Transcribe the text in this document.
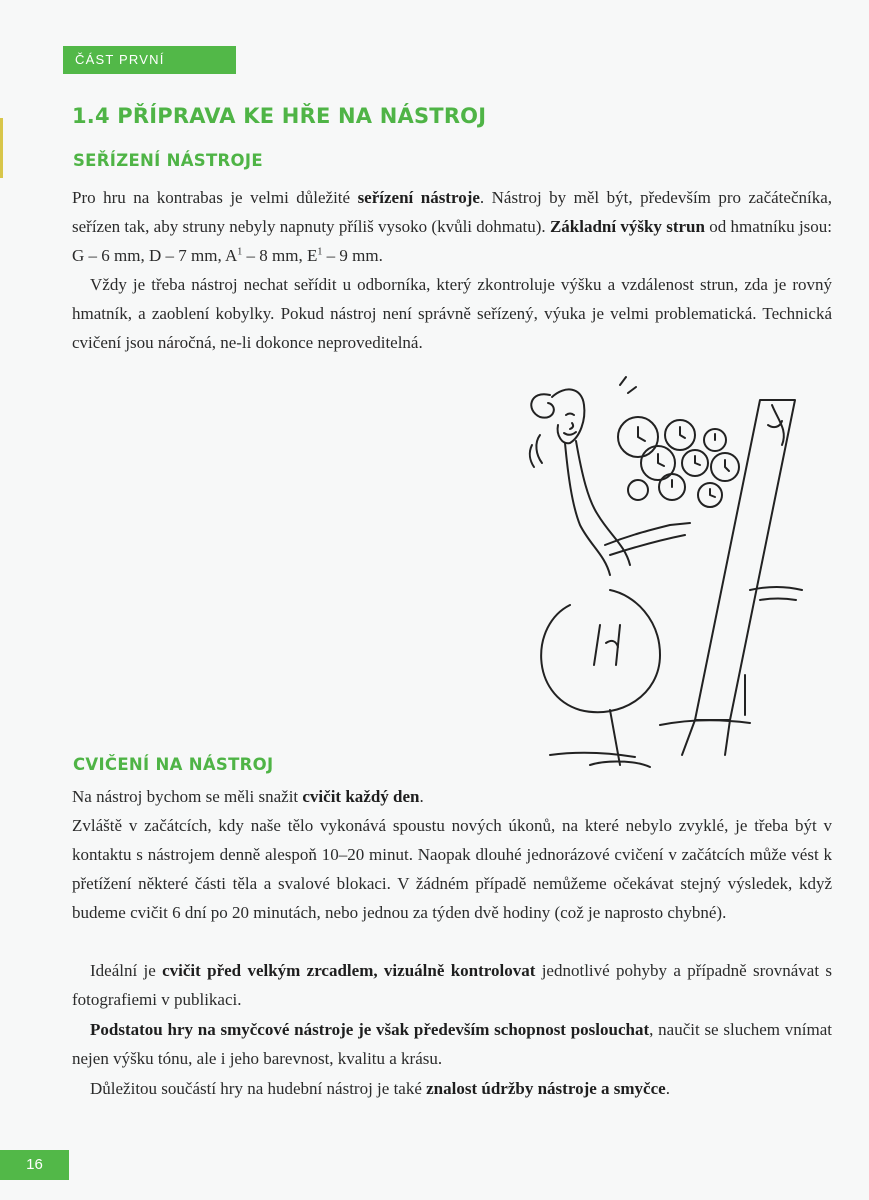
ČÁST PRVNÍ
1.4 PŘÍPRAVA KE HŘE NA NÁSTROJ
SEŘÍZENÍ NÁSTROJE

Pro hru na kontrabas je velmi důležité seřízení nástroje. Nástroj by měl být, především pro začátečníka, seřízen tak, aby struny nebyly napnuty příliš vysoko (kvůli dohmatu). Základní výšky strun od hmatníku jsou: G – 6 mm, D – 7 mm, $A^1 - 8$ mm, $E^1 - 9$ mm.

Vždy je třeba nástroj nechat seřídit u odborníka, který zkontroluje výšku a vzdálenost strun, zda je rovný hmatník, a zaoblení kobylky. Pokud nástroj není správně seřízený, výuka je velmi problematická. Technická cvičení jsou náročná, ne-li dokonce neproveditelná.

CVIČENÍ NA NÁSTROJ

Na nástroj bychom se měli snažit cvičit každý den.

Zvláště v začátcích, kdy naše tělo vykonává spoustu nových úkonů, na které nebylo zvyklé, je třeba být v kontaktu s nástrojem denně alespoň 10–20 minut. Naopak dlouhé jednorázové cvičení v začátcích může vést k přetížení některé části těla a svalové blokaci. V žádném případě nemůžeme očekávat stejný výsledek, když budeme cvičit 6 dní po 20 minutách, nebo jednou za týden dvě hodiny (což je naprosto chybné).

Ideální je cvičit před velkým zrcadlem, vizuálně kontrolovat jednotlivé pohyby a případně srovnávat s fotografiemi v publikaci.

Podstatou hry na smyčcové nástroje je však především schopnost poslouchat, naučit se sluchem vnímat nejen výšku tónu, ale i jeho barevnost, kvalitu a krásu.

Důležitou součástí hry na hudební nástroj je také znalost údržby nástroje a smyčce.

16
